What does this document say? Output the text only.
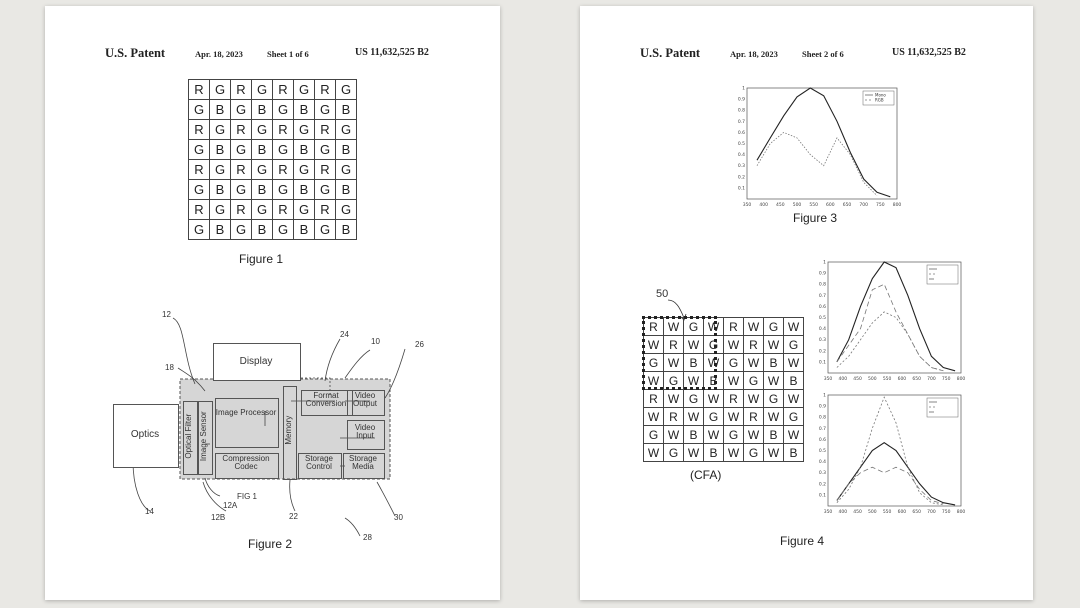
U.S. Patent	Apr. 18, 2023	Sheet 1 of 6	US 11,632,525 B2
R	G	R	G	R	G	R	G
G	B	G	B	G	B	G	B
R	G	R	G	R	G	R	G
G	B	G	B	G	B	G	B
R	G	R	G	R	G	R	G
G	B	G	B	G	B	G	B
R	G	R	G	R	G	R	G
G	B	G	B	G	B	G	B
Figure 1
Display
Optics	Optical Filter Image Sensor Image Processor
Compression Codec
Memory
Format Conversion
Video Output
Video Input
Storage Control
Storage Media
12
18
24
10	26
14
12A
12B	22	30
28
FIG 1
Figure 2
U.S. Patent	Apr. 18, 2023	Sheet 2 of 6	US 11,632,525 B2
350 400 450 500 550 600 650 700 750 800
0.1
0.2
0.3
0.4
0.5
0.6
0.7
0.8
0.9
1
Mono
RGB
Figure 3
350 400 450 500 550 600 650 700 750 800
0.1
0.2
0.3
0.4
0.5
0.6
0.7
0.8
0.9
1
350 400 450 500 550 600 650 700 750 800
0.1
0.2
0.3
0.4
0.5
0.6
0.7
0.8
0.9
1
50
R	W	G	W	R	W	G	W
W	R	W	G	W	R	W	G
G	W	B	W	G	W	B	W
W	G	W	B	W	G	W	B
R	W	G	W	R	W	G	W
W	R	W	G	W	R	W	G
G	W	B	W	G	W	B	W
W	G	W	B	W	G	W	B
(CFA)
Figure 4
